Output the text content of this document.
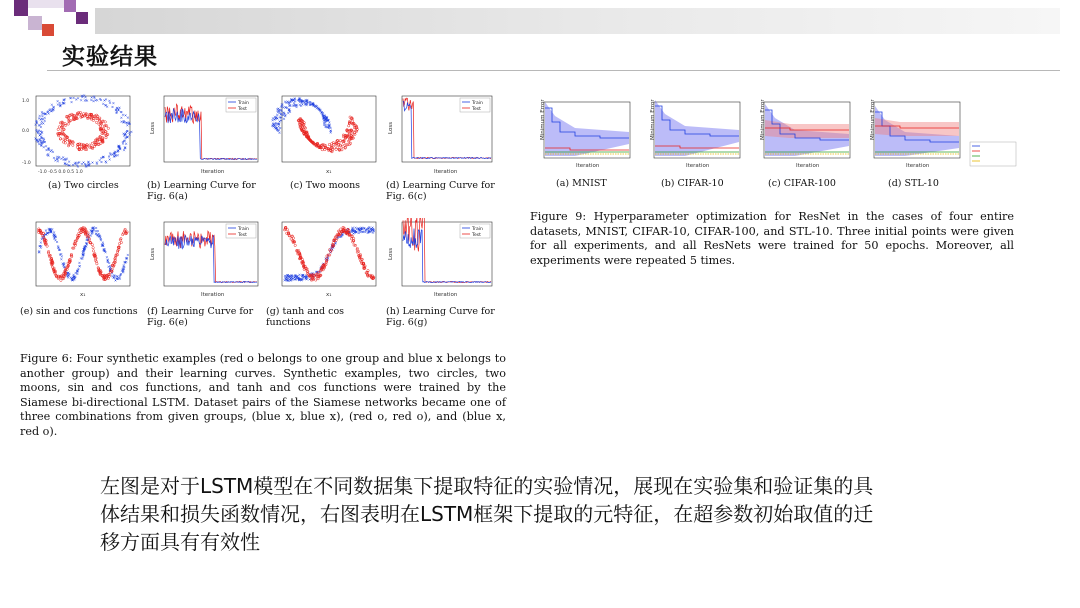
实验结果
1.0
0.0
-1.0
-1.0 -0.5 0.0 0.5 1.0
Train
Test
Loss
Iteration	x₁
Train
Test
Loss
Iteration
(a) Two circles	(b) Learning Curve for Fig. 6(a)
(c) Two moons	(d) Learning Curve for Fig. 6(c)
x₁
Train
Test
Loss
Iteration	x₁
Train
Test
Loss
Iteration
(e) sin and cos functions (f) Learning Curve for Fig. 6(e)
(g) tanh and cos functions
(h) Learning Curve for Fig. 6(g)
Figure 6: Four synthetic examples (red o belongs to one group and blue x belongs to another group) and their learning curves. Synthetic examples, two circles, two moons, sin and cos functions, and tanh and cos functions were trained by the Siamese bi-directional LSTM. Dataset pairs of the Siamese networks became one of three combinations from given groups, (blue x, blue x), (red o, red o), and (blue x, red o).
Minimum Error
Iteration
Minimum Error
Iteration
Minimum Error
Iteration
Minimum Error
Iteration
(a) MNIST	(b) CIFAR-10	(c) CIFAR-100	(d) STL-10
Figure 9: Hyperparameter optimization for ResNet in the cases of four entire datasets, MNIST, CIFAR-10, CIFAR-100, and STL-10. Three initial points were given for all experiments, and all ResNets were trained for 50 epochs. Moreover, all experiments were repeated 5 times.
左图是对于LSTM模型在不同数据集下提取特征的实验情况，展现在实验集和验证集的具体结果和损失函数情况，右图表明在LSTM框架下提取的元特征，在超参数初始取值的迁移方面具有有效性
